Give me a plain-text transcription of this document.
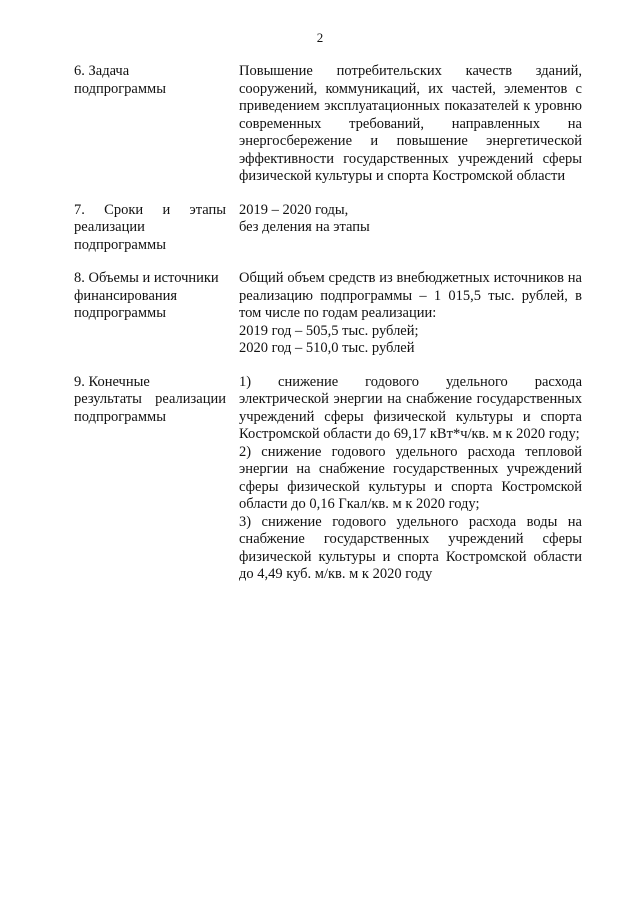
2
6. Задача
подпрограммы

Повышение потребительских качеств зданий, сооружений, коммуникаций, их частей, элементов с приведением эксплуатационных показателей к уровню современных требований, направленных на энергосбережение и повышение энергетической эффективности государственных учреждений сферы физической культуры и спорта Костромской области

7. Сроки и этапы
реализации
подпрограммы

2019 – 2020 годы,

без деления на этапы

8. Объемы и источники
финансирования
подпрограммы

Общий объем средств из внебюджетных источников на реализацию подпрограммы – 1 015,5 тыс. рублей, в том числе по годам реализации:

2019 год – 505,5 тыс. рублей;

2020 год – 510,0 тыс. рублей

9. Конечные
результаты реализации
подпрограммы

1) снижение годового удельного расхода электрической энергии на снабжение государственных учреждений сферы физической культуры и спорта Костромской области до 69,17 кВт*ч/кв. м к 2020 году;

2) снижение годового удельного расхода тепловой энергии на снабжение государственных учреждений сферы физической культуры и спорта Костромской области до 0,16 Гкал/кв. м к 2020 году;

3) снижение годового удельного расхода воды на снабжение государственных учреждений сферы физической культуры и спорта Костромской области до 4,49 куб. м/кв. м к 2020 году
